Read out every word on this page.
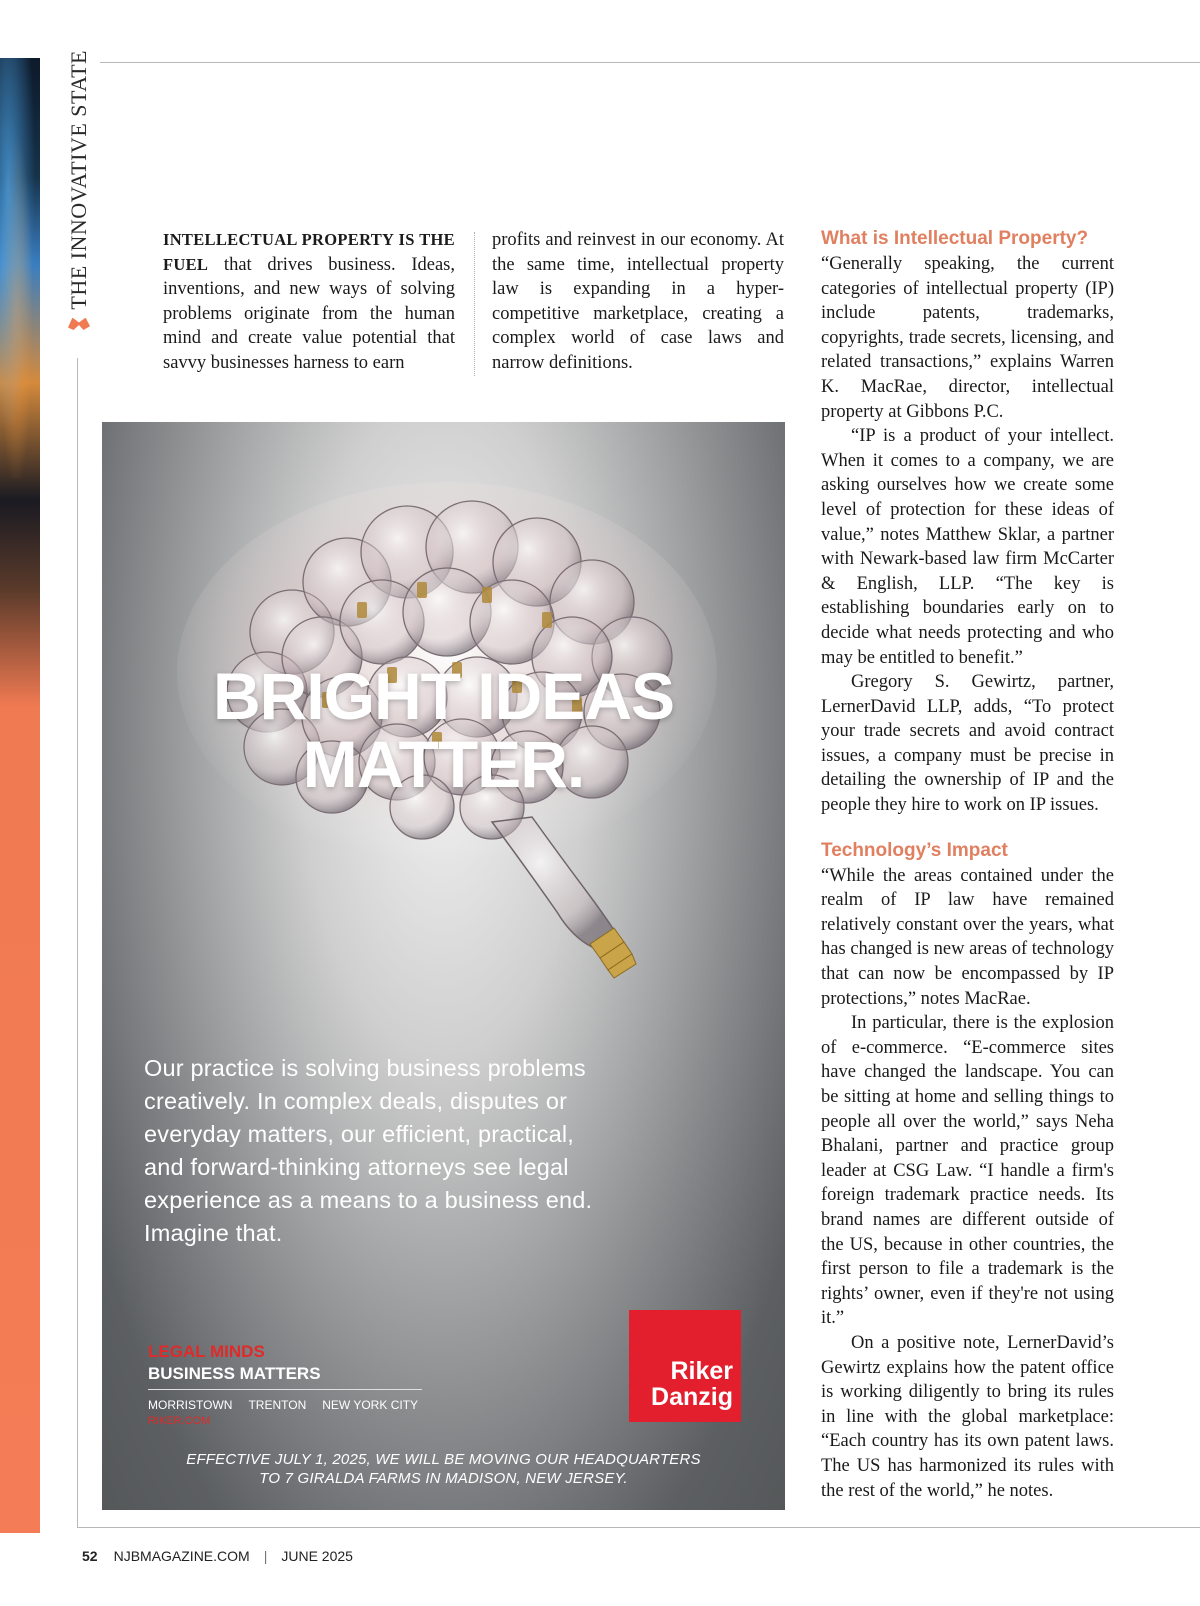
THE INNOVATIVE STATE	INTELLECTUAL PROPERTY IS THE FUEL that drives business. Ideas, inventions, and new ways of solving problems originate from the human mind and create value potential that savvy businesses harness to earn
profits and reinvest in our economy. At the same time, intellectual property law is expanding in a hyper-competitive marketplace, creating a complex world of case laws and narrow definitions.
What is Intellectual Property?

“Generally speaking, the current categories of intellectual property (IP) include patents, trademarks, copyrights, trade secrets, licensing, and related transactions,” explains Warren K. MacRae, director, intellectual property at Gibbons P.C.

“IP is a product of your intellect. When it comes to a company, we are asking ourselves how we create some level of protection for these ideas of value,” notes Matthew Sklar, a partner with Newark-based law firm McCarter & English, LLP. “The key is establishing boundaries early on to decide what needs protecting and who may be entitled to benefit.”

Gregory S. Gewirtz, partner, LernerDavid LLP, adds, “To protect your trade secrets and avoid contract issues, a company must be precise in detailing the ownership of IP and the people they hire to work on IP issues.

Technology’s Impact

“While the areas contained under the realm of IP law have remained relatively constant over the years, what has changed is new areas of technology that can now be encompassed by IP protections,” notes MacRae.

In particular, there is the explosion of e-commerce. “E-commerce sites have changed the landscape. You can be sitting at home and selling things to people all over the world,” says Neha Bhalani, partner and practice group leader at CSG Law. “I handle a firm's foreign trademark practice needs. Its brand names are different outside of the US, because in other countries, the first person to file a trademark is the rights’ owner, even if they're not using it.”

On a positive note, LernerDavid’s Gewirtz explains how the patent office is working diligently to bring its rules in line with the global marketplace: “Each country has its own patent laws. The US has harmonized its rules with the rest of the world,” he notes.

BRIGHT IDEAS
MATTER.
Our practice is solving business problems creatively. In complex deals, disputes or everyday matters, our efficient, practical, and forward-thinking attorneys see legal experience as a means to a business end. Imagine that.
LEGAL MINDS
BUSINESS MATTERS
MORRISTOWN TRENTON NEW YORK CITY
RIKER.COM
Riker
Danzig
EFFECTIVE JULY 1, 2025, WE WILL BE MOVING OUR HEADQUARTERS
TO 7 GIRALDA FARMS IN MADISON, NEW JERSEY.
52 NJBMAGAZINE.COM | JUNE 2025
